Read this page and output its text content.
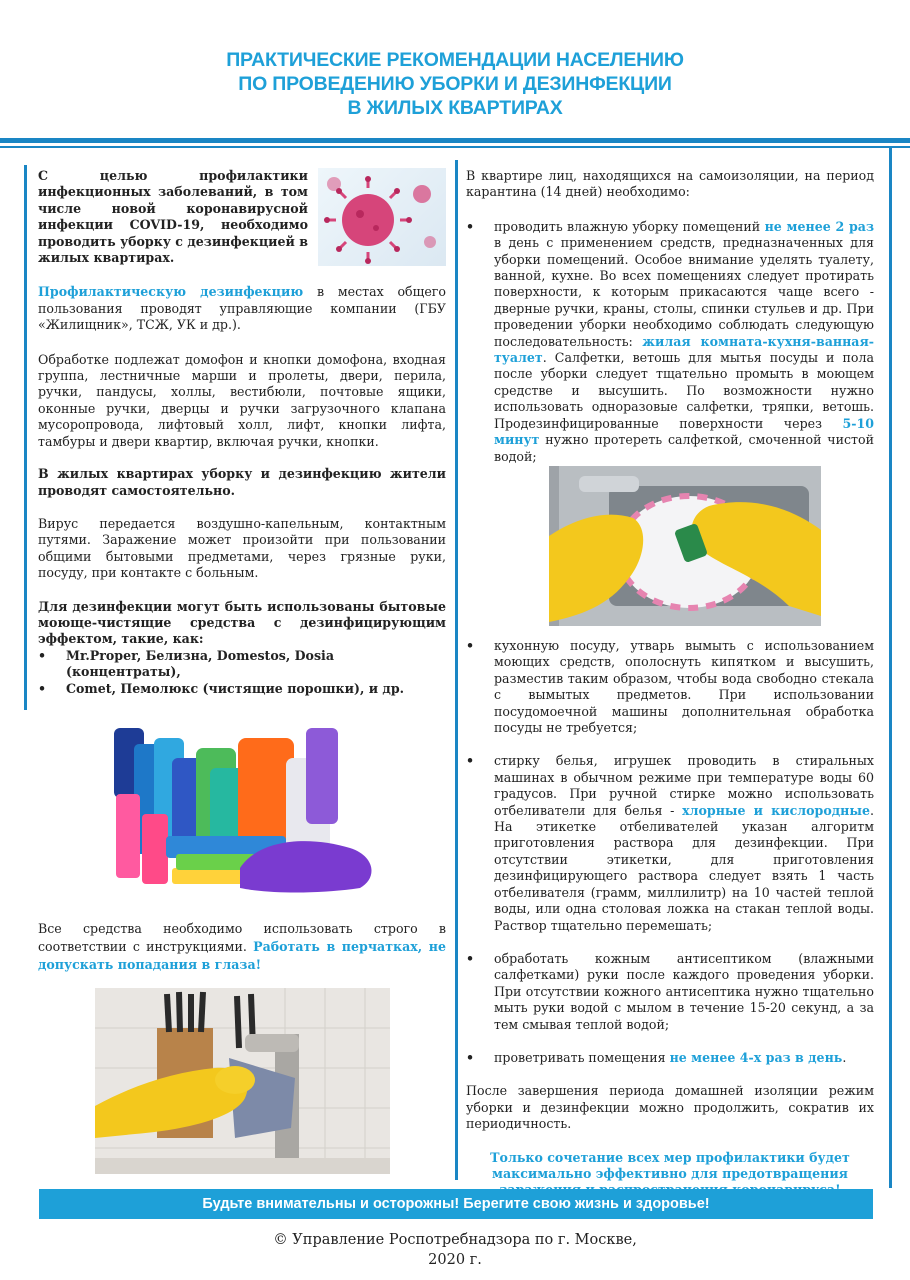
ПРАКТИЧЕСКИЕ РЕКОМЕНДАЦИИ НАСЕЛЕНИЮ
ПО ПРОВЕДЕНИЮ УБОРКИ И ДЕЗИНФЕКЦИИ
В ЖИЛЫХ КВАРТИРАХ

С целью профилактики инфекционных заболеваний, в том числе новой коронавирусной инфекции COVID-19, необходимо проводить уборку с дезинфекцией в жилых квартирах.

Профилактическую дезинфекцию в местах общего пользования проводят управляющие компании (ГБУ «Жилищник», ТСЖ, УК и др.).

Обработке подлежат домофон и кнопки домофона, входная группа, лестничные марши и пролеты, двери, перила, ручки, пандусы, холлы, вестибюли, почтовые ящики, оконные ручки, дверцы и ручки загрузочного клапана мусоропровода, лифтовый холл, лифт, кнопки лифта, тамбуры и двери квартир, включая ручки, кнопки.

В жилых квартирах уборку и дезинфекцию жители проводят самостоятельно.

Вирус передается воздушно-капельным, контактным путями. Заражение может произойти при пользовании общими бытовыми предметами, через грязные руки, посуду, при контакте с больным.

Для дезинфекции могут быть использованы бытовые моюще-чистящие средства с дезинфицирующим эффектом, такие, как:

• Mr.Proper, Белизна, Domestos, Dosia (концентраты),
• Comet, Пемолюкс (чистящие порошки), и др.

Все средства необходимо использовать строго в соответствии с инструкциями. Работать в перчатках, не допускать попадания в глаза!

В квартире лиц, находящихся на самоизоляции, на период карантина (14 дней) необходимо:

• проводить влажную уборку помещений не менее 2 раз в день с применением средств, предназначенных для уборки помещений. Особое внимание уделять туалету, ванной, кухне. Во всех помещениях следует протирать поверхности, к которым прикасаются чаще всего - дверные ручки, краны, столы, спинки стульев и др. При проведении уборки необходимо соблюдать следующую последовательность: жилая комната-кухня-ванная-туалет. Салфетки, ветошь для мытья посуды и пола после уборки следует тщательно промыть в моющем средстве и высушить. По возможности нужно использовать одноразовые салфетки, тряпки, ветошь. Продезинфицированные поверхности через 5-10 минут нужно протереть салфеткой, смоченной чистой водой;
• кухонную посуду, утварь вымыть с использованием моющих средств, ополоснуть кипятком и высушить, разместив таким образом, чтобы вода свободно стекала с вымытых предметов. При использовании посудомоечной машины дополнительная обработка посуды не требуется;
• стирку белья, игрушек проводить в стиральных машинах в обычном режиме при температуре воды 60 градусов. При ручной стирке можно использовать отбеливатели для белья - хлорные и кислородные. На этикетке отбеливателей указан алгоритм приготовления раствора для дезинфекции. При отсутствии этикетки, для приготовления дезинфицирующего раствора следует взять 1 часть отбеливателя (грамм, миллилитр) на 10 частей теплой воды, или одна столовая ложка на стакан теплой воды. Раствор тщательно перемешать;
• обработать кожным антисептиком (влажными салфетками) руки после каждого проведения уборки. При отсутствии кожного антисептика нужно тщательно мыть руки водой с мылом в течение 15-20 секунд, а за тем смывая теплой водой;
• проветривать помещения не менее 4-х раз в день.

После завершения периода домашней изоляции режим уборки и дезинфекции можно продолжить, сократив их периодичность.

Только сочетание всех мер профилактики будет максимально эффективно для предотвращения

Будьте внимательны и осторожны! Берегите свою жизнь и здоровье!
© Управление Роспотребнадзора по г. Москве,
2020 г.
